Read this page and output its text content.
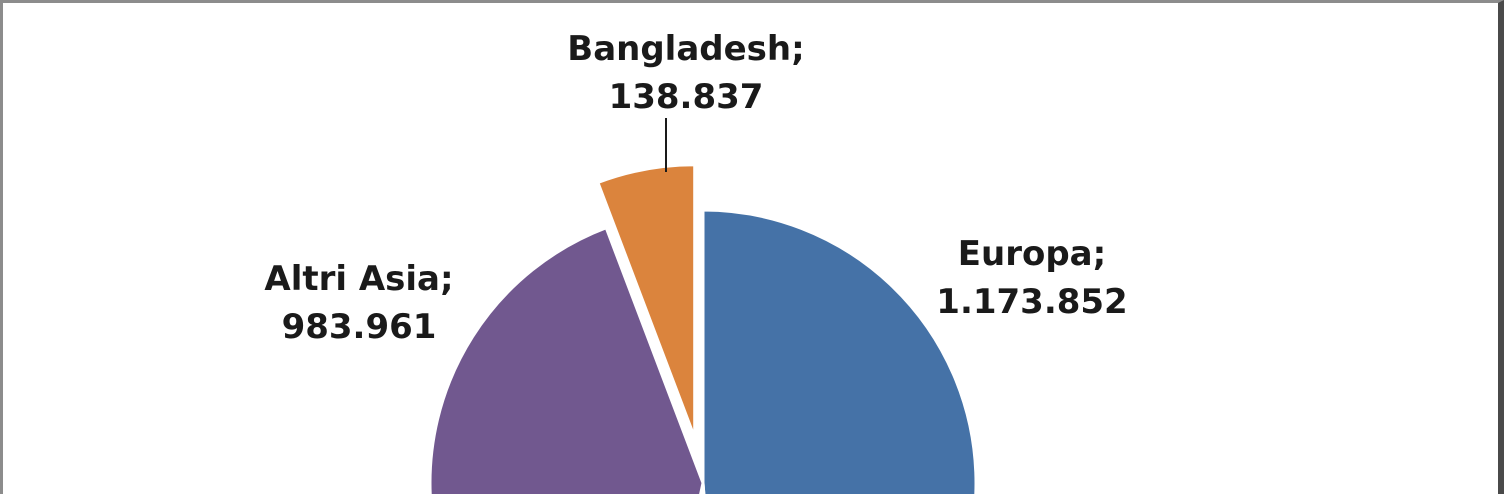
Bangladesh;
138.837
Europa;
1.173.852
Altri Asia;
983.961
